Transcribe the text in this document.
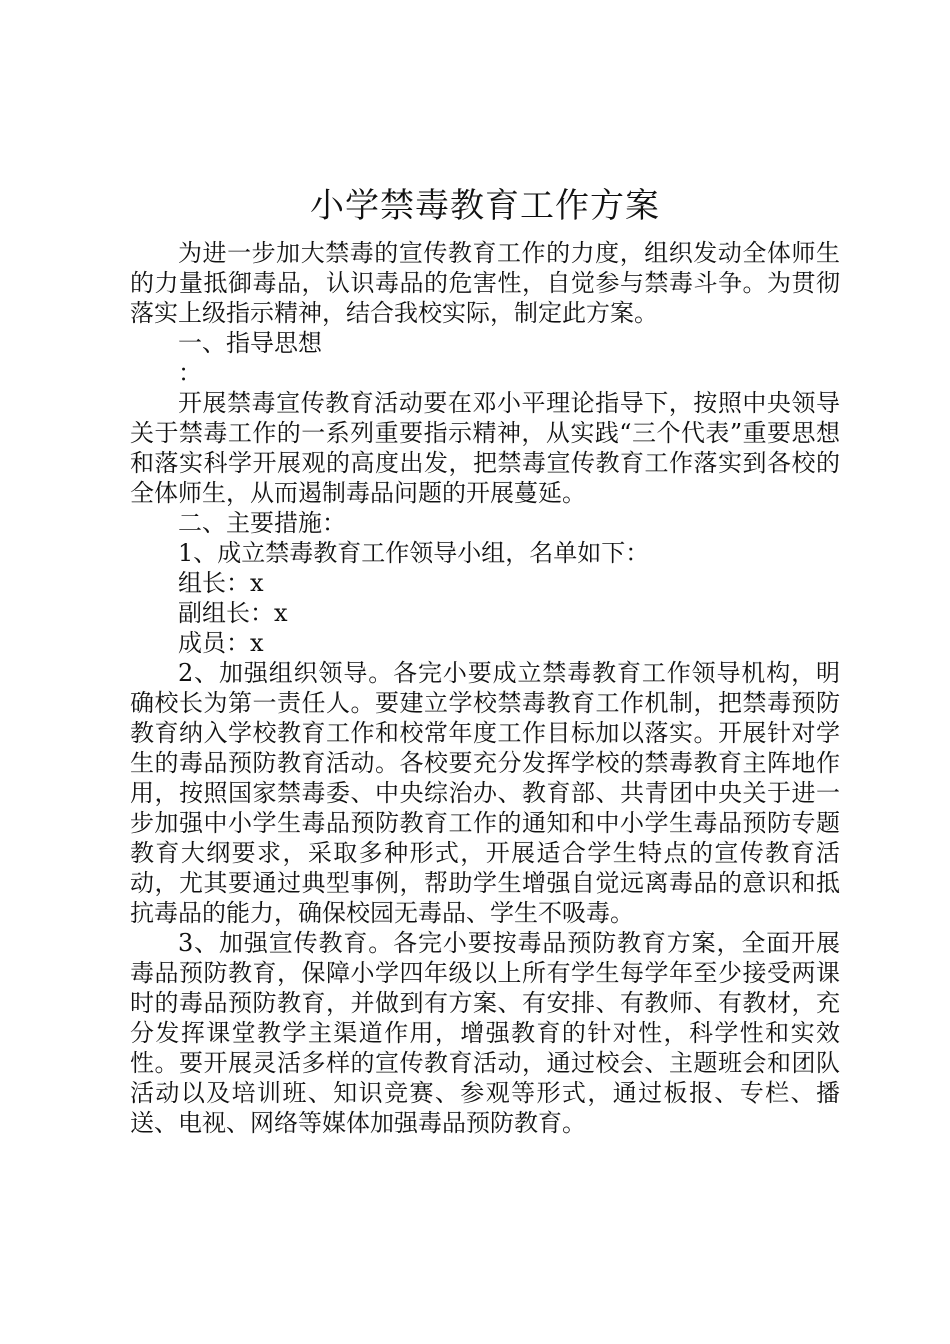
小学禁毒教育工作方案

为进一步加大禁毒的宣传教育工作的力度，组织发动全体师生的力量抵御毒品，认识毒品的危害性，自觉参与禁毒斗争。为贯彻落实上级指示精神，结合我校实际，制定此方案。

一、指导思想

：

开展禁毒宣传教育活动要在邓小平理论指导下，按照中央领导关于禁毒工作的一系列重要指示精神，从实践“三个代表”重要思想和落实科学开展观的高度出发，把禁毒宣传教育工作落实到各校的全体师生，从而遏制毒品问题的开展蔓延。

二、主要措施：

1、成立禁毒教育工作领导小组，名单如下：

组长：x

副组长：x

成员：x

2、加强组织领导。各完小要成立禁毒教育工作领导机构，明确校长为第一责任人。要建立学校禁毒教育工作机制，把禁毒预防教育纳入学校教育工作和校常年度工作目标加以落实。开展针对学生的毒品预防教育活动。各校要充分发挥学校的禁毒教育主阵地作用，按照国家禁毒委、中央综治办、教育部、共青团中央关于进一步加强中小学生毒品预防教育工作的通知和中小学生毒品预防专题教育大纲要求，采取多种形式，开展适合学生特点的宣传教育活动，尤其要通过典型事例，帮助学生增强自觉远离毒品的意识和抵抗毒品的能力，确保校园无毒品、学生不吸毒。

3、加强宣传教育。各完小要按毒品预防教育方案，全面开展毒品预防教育，保障小学四年级以上所有学生每学年至少接受两课时的毒品预防教育，并做到有方案、有安排、有教师、有教材，充分发挥课堂教学主渠道作用，增强教育的针对性，科学性和实效性。要开展灵活多样的宣传教育活动，通过校会、主题班会和团队活动以及培训班、知识竞赛、参观等形式，通过板报、专栏、播送、电视、网络等媒体加强毒品预防教育。
